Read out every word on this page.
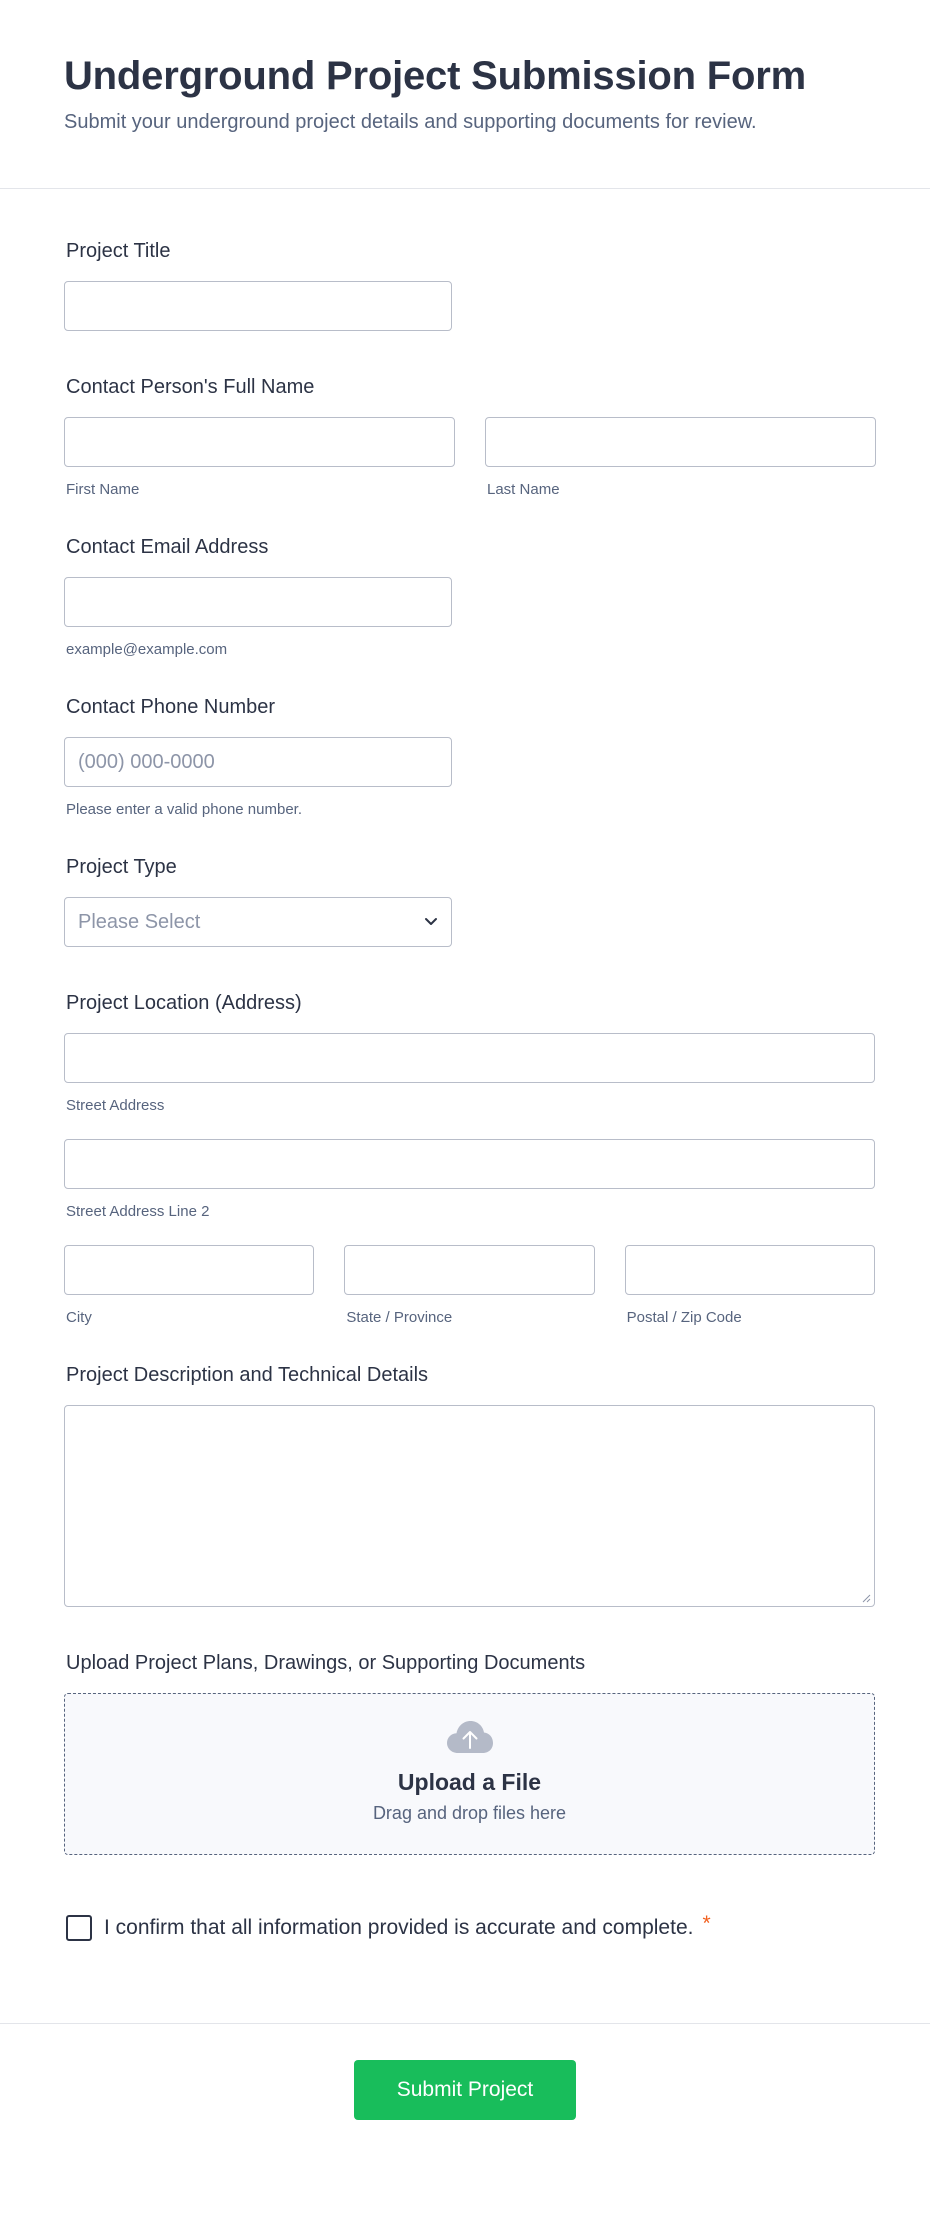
Underground Project Submission Form

Submit your underground project details and supporting documents for review.

Project Title
Contact Person's Full Name
First Name	Last Name
Contact Email Address
example@example.com
Contact Phone Number
(000) 000-0000
Please enter a valid phone number.
Project Type
Please Select
Project Location (Address)
Street Address
Street Address Line 2
City	State / Province	Postal / Zip Code
Project Description and Technical Details
Upload Project Plans, Drawings, or Supporting Documents
Upload a File
Drag and drop files here
I confirm that all information provided is accurate and complete. *
Submit Project
